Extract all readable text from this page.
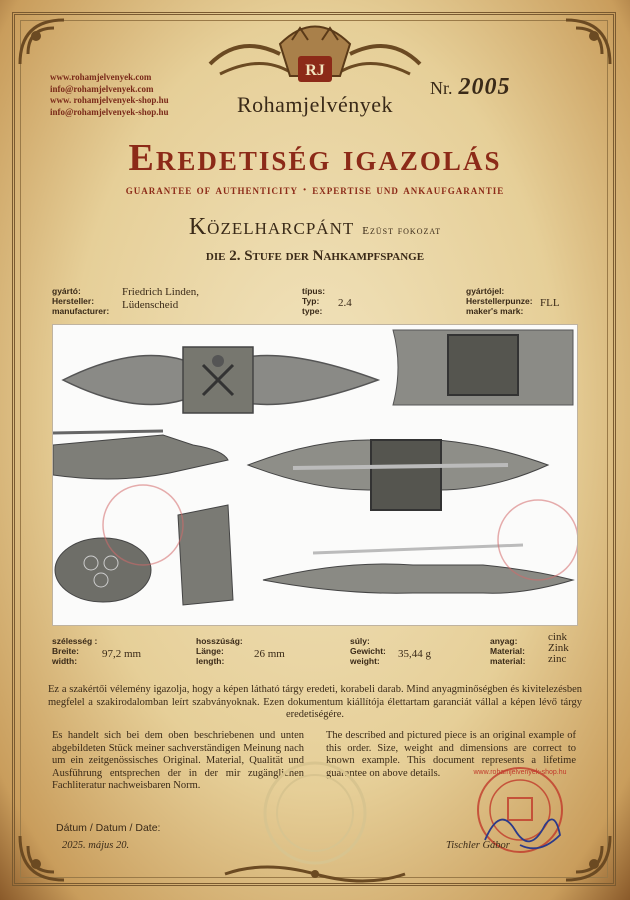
RJ
www.rohamjelvenyek.com
info@rohamjelvenyek.com
www. rohamjelvenyek-shop.hu
info@rohamjelvenyek-shop.hu	Rohamjelvények
Nr. 2005
Eredetiség igazolás
guarantee of authenticity · expertise und ankaufgarantie
Közelharcpánt Ezüst fokozat
die 2. Stufe der Nahkampfspange
gyártó:
Hersteller:
manufacturer:
Friedrich Linden,
Lüdenscheid
típus:
Typ:
type:
2.4
gyártójel:
Herstellerpunze:
maker's mark:
FLL
szélesség :
Breite:
width:
97,2 mm
hosszúság:
Länge:
length:
26 mm
súly:
Gewicht:
weight:
35,44 g
anyag:
Material:
material:
cink
Zink
zinc
Ez a szakértői vélemény igazolja, hogy a képen látható tárgy eredeti, korabeli darab. Mind anyagminőségben és kivitelezésben megfelel a szakirodalomban leírt szabványoknak. Ezen dokumentum kiállítója élettartam garanciát vállal a képen lévő tárgy eredetiségére.
Es handelt sich bei dem oben beschriebenen und unten abgebildeten Stück meiner sachverständigen Meinung nach um ein zeitgenössisches Original. Material, Qualität und Ausführung entsprechen der in der mir zugänglichen Fachliteratur nachweisbaren Norm.
The described and pictured piece is an original example of this order. Size, weight and dimensions are correct to known example. This document represents a lifetime guarantee on above details.
Dátum / Datum / Date:
2025. május 20.
www.rohamjelvenyek-shop.hu
Tischler Gábor
